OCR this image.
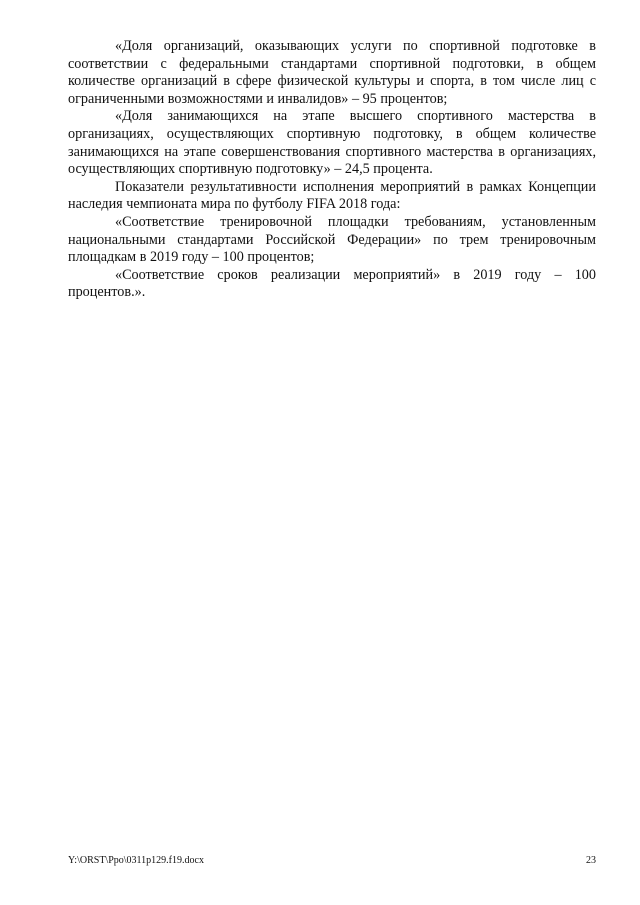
«Доля организаций, оказывающих услуги по спортивной подготовке в соответствии с федеральными стандартами спортивной подготовки, в общем количестве организаций в сфере физической культуры и спорта, в том числе лиц с ограниченными возможностями и инвалидов» – 95 процентов;

«Доля занимающихся на этапе высшего спортивного мастерства в организациях, осуществляющих спортивную подготовку, в общем количестве занимающихся на этапе совершенствования спортивного мастерства в организациях, осуществляющих спортивную подготовку» – 24,5 процента.

Показатели результативности исполнения мероприятий в рамках Концепции наследия чемпионата мира по футболу FIFA 2018 года:

«Соответствие тренировочной площадки требованиям, установленным национальными стандартами Российской Федерации» по трем тренировочным площадкам в 2019 году – 100 процентов;

«Соответствие сроков реализации мероприятий» в 2019 году – 100 процентов.».

Y:\ORST\Ppo\0311p129.f19.docx	23
